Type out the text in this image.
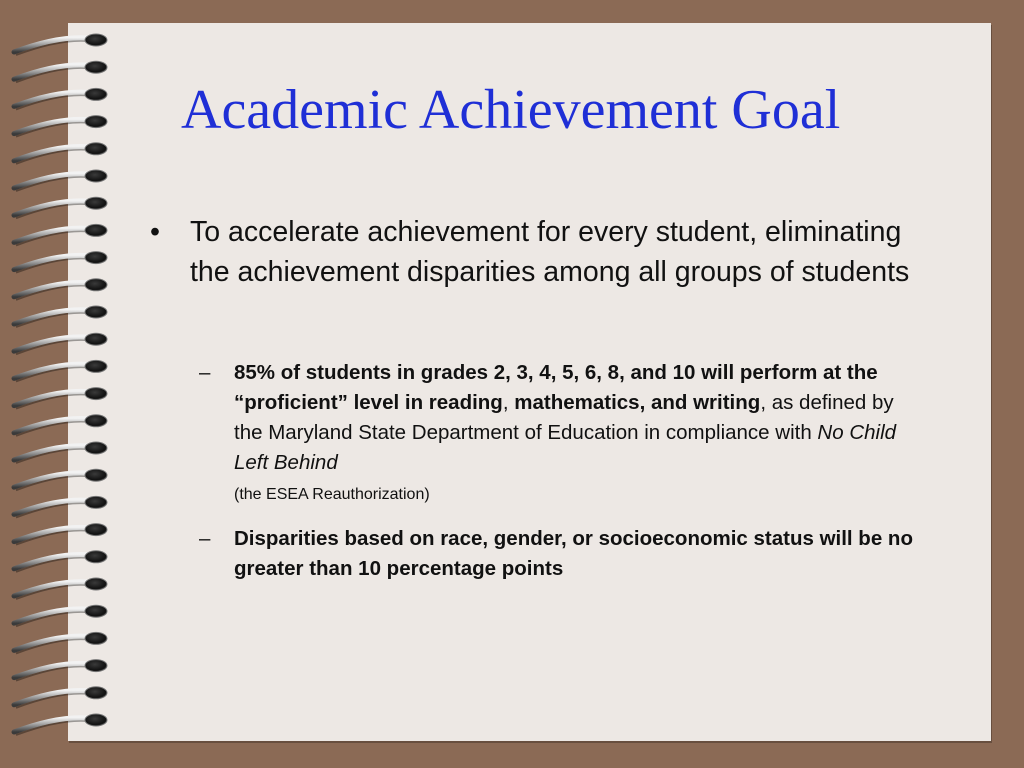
Academic Achievement Goal
•	To accelerate achievement for every student, eliminating the achievement disparities among all groups of students
–	85% of students in grades 2, 3, 4, 5, 6, 8, and 10 will perform at the “proficient” level in reading, mathematics, and writing, as defined by the Maryland State Department of Education in compliance with No Child Left Behind
(the ESEA Reauthorization)
–	Disparities based on race, gender, or socioeconomic status will be no greater than 10 percentage points
